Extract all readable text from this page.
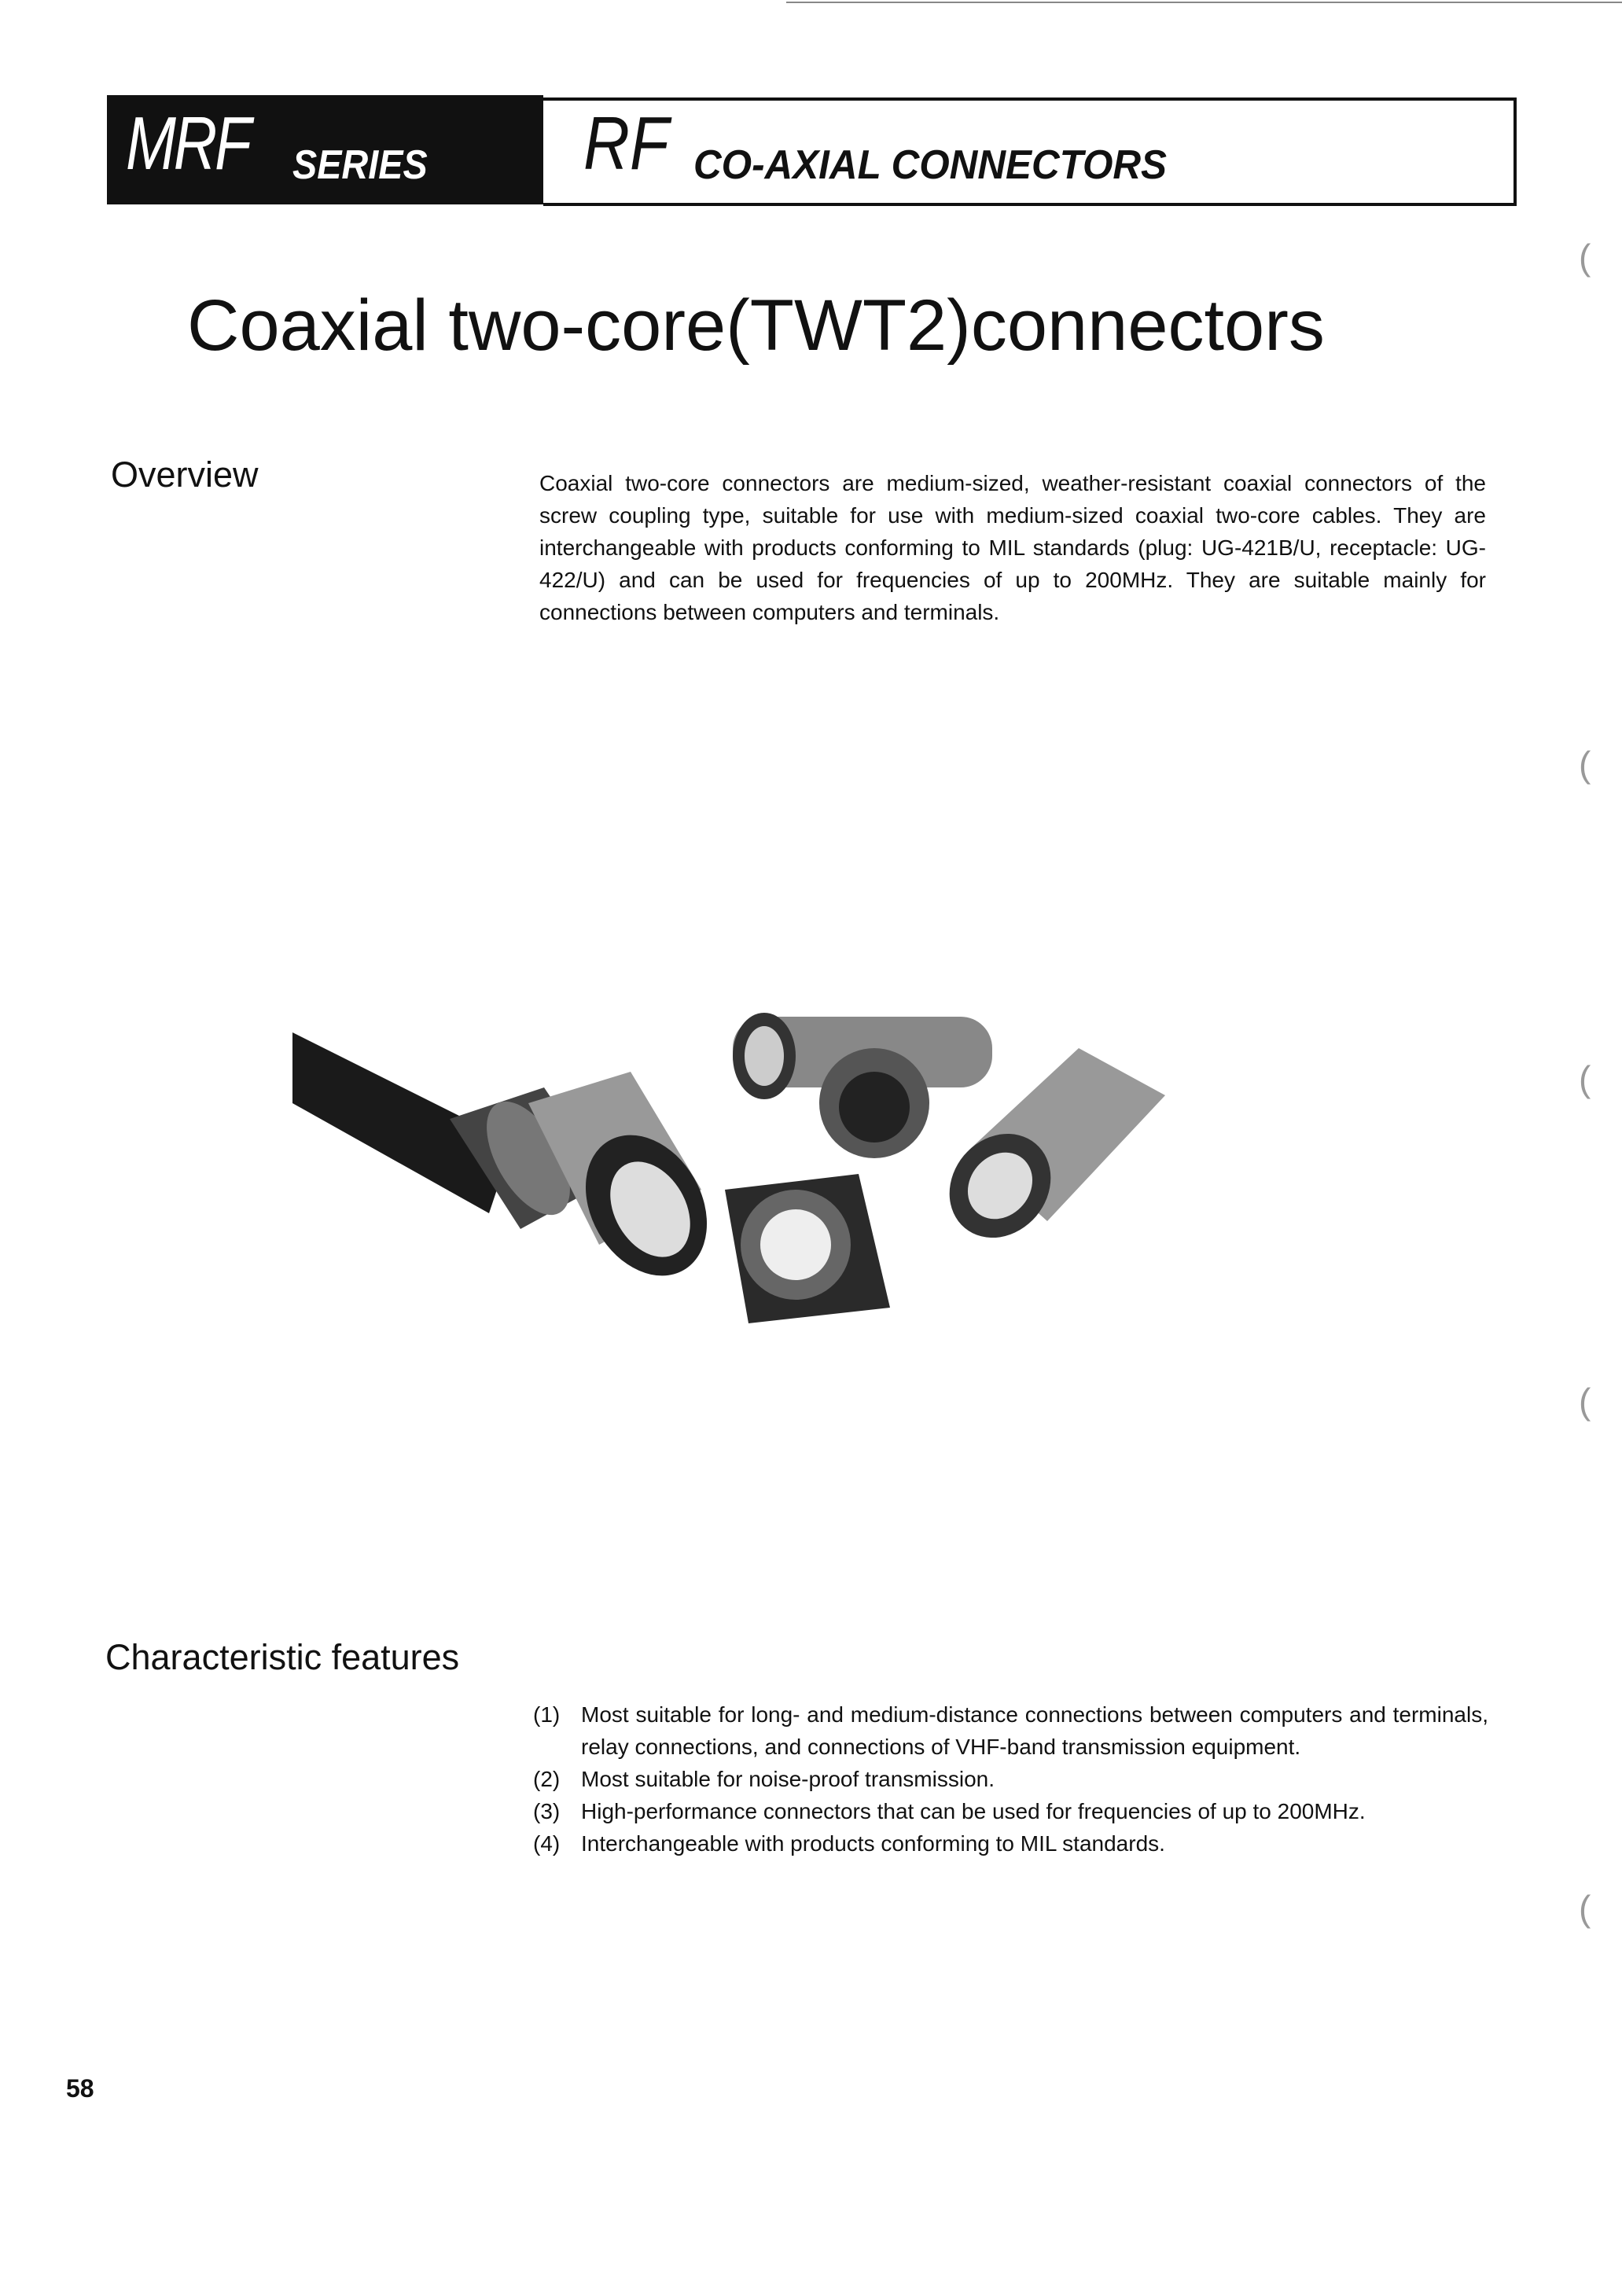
MRF SERIES RF CO-AXIAL CONNECTORS
Coaxial two-core(TWT2)connectors
Overview	Coaxial two-core connectors are medium-sized, weather-resistant coaxial connectors of the screw coupling type, suitable for use with medium-sized coaxial two-core cables. They are interchangeable with products conforming to MIL standards (plug: UG-421B/U, receptacle: UG-422/U) and can be used for frequencies of up to 200MHz. They are suitable mainly for connections between computers and terminals.
Characteristic features
(1) Most suitable for long- and medium-distance connections between computers and terminals, relay connections, and connections of VHF-band transmission equipment.
(2) Most suitable for noise-proof transmission.
(3) High-performance connectors that can be used for frequencies of up to 200MHz.
(4) Interchangeable with products conforming to MIL standards.
58
(
(
(
(
(
